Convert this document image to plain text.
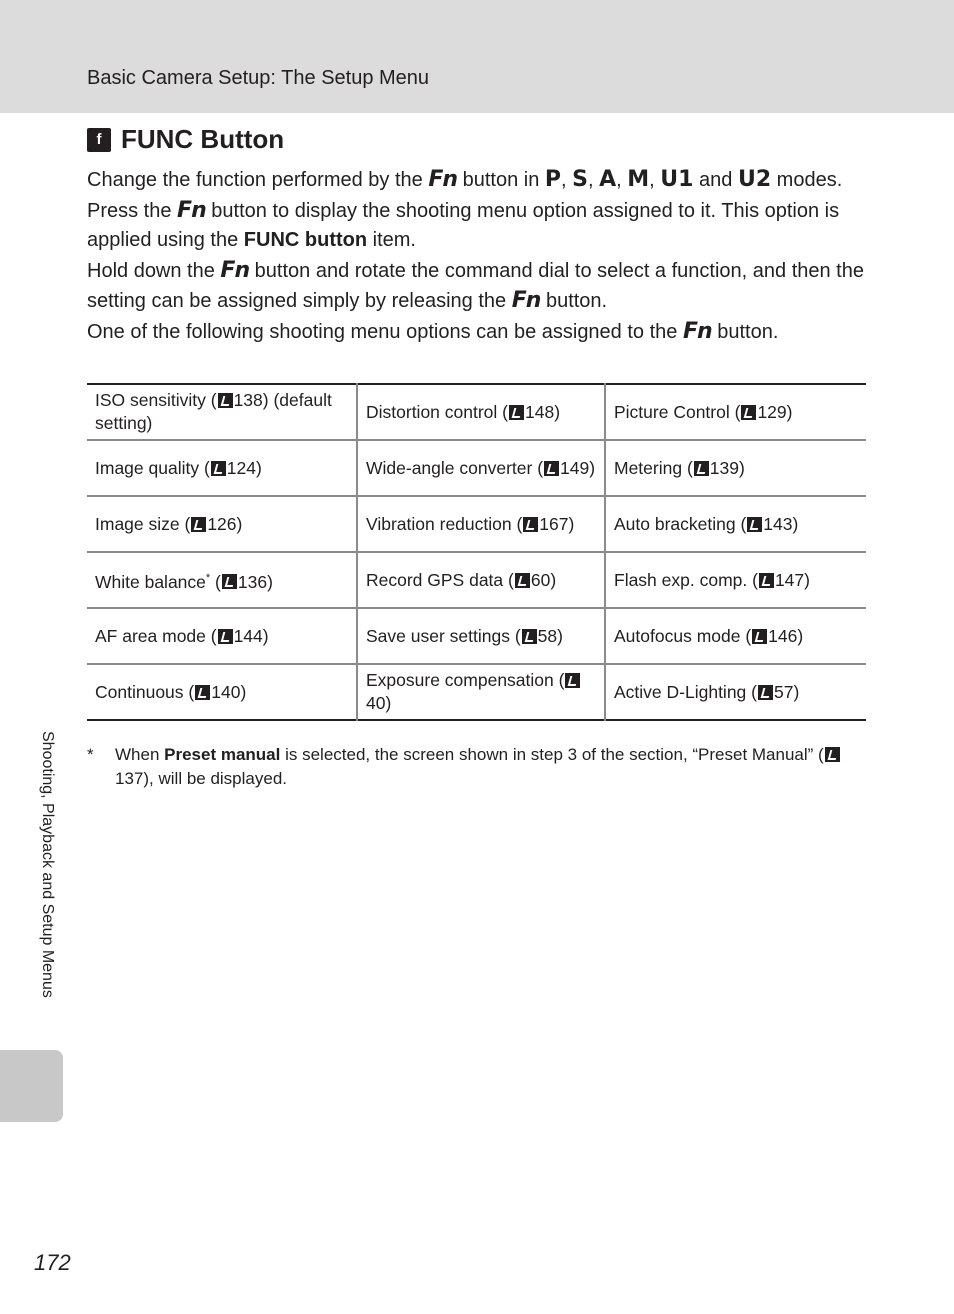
Basic Camera Setup: The Setup Menu
f FUNC Button

Change the function performed by the Fn button in P, S, A, M, U1 and U2 modes.

Press the Fn button to display the shooting menu option assigned to it. This option is applied using the FUNC button item.

Hold down the Fn button and rotate the command dial to select a function, and then the setting can be assigned simply by releasing the Fn button.

One of the following shooting menu options can be assigned to the Fn button.

ISO sensitivity ( 138) (default setting)	Distortion control ( 148)	Picture Control ( 129)
Image quality ( 124)	Wide-angle converter ( 149)	Metering ( 139)
Image size ( 126)	Vibration reduction ( 167)	Auto bracketing ( 143)
White balance* ( 136)	Record GPS data ( 60)	Flash exp. comp. ( 147)
AF area mode ( 144)	Save user settings ( 58)	Autofocus mode ( 146)
Continuous ( 140)	Exposure compensation (40)	Active D-Lighting ( 57)
* When Preset manual is selected, the screen shown in step 3 of the section, “Preset Manual” (137), will be displayed.
Shooting, Playback and Setup Menus
172
